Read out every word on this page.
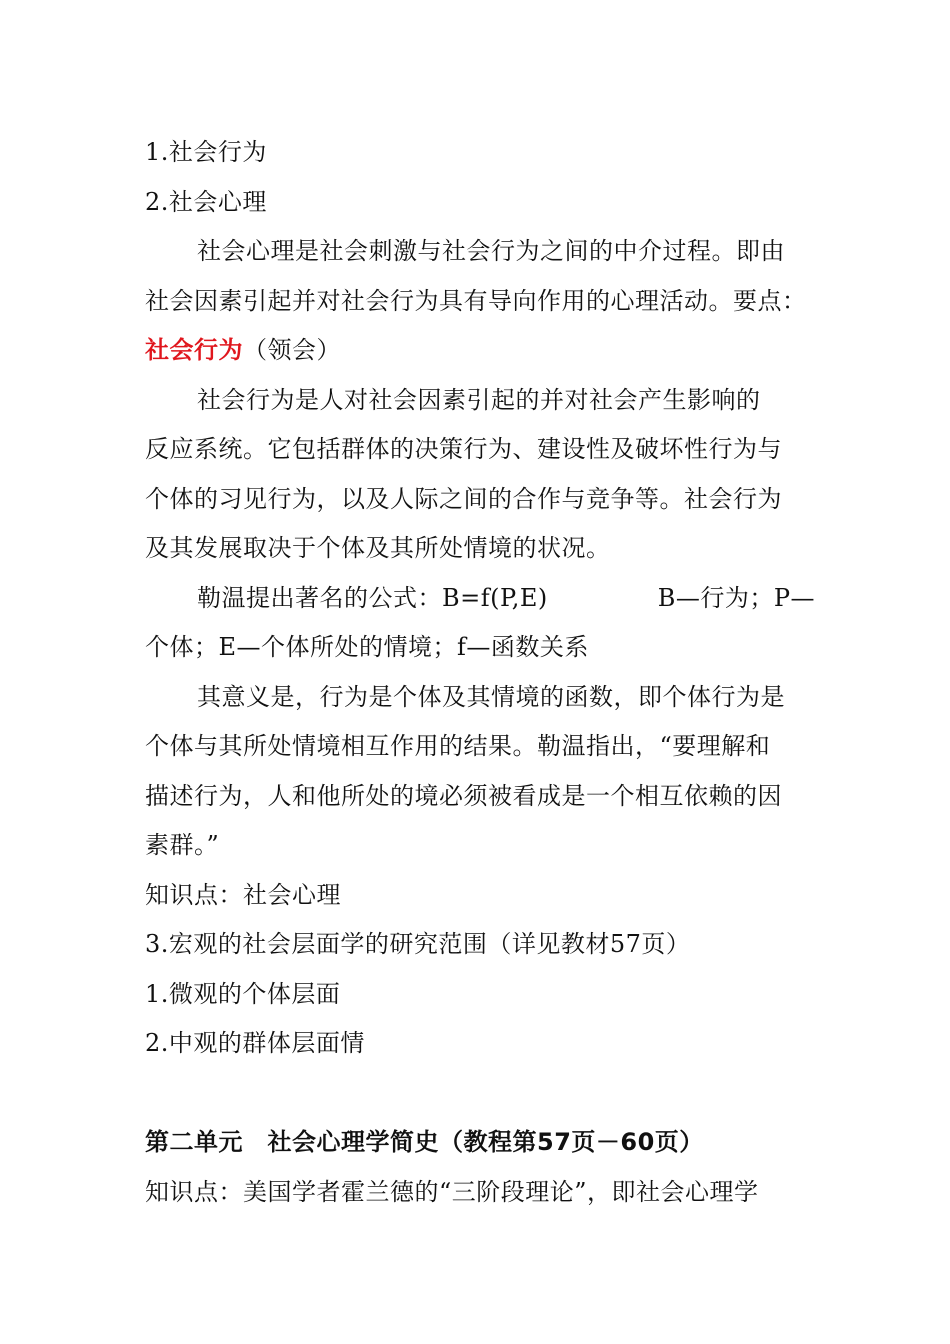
1.社会行为
2.社会心理
社会心理是社会刺激与社会行为之间的中介过程。即由
社会因素引起并对社会行为具有导向作用的心理活动。要点：
社会行为（领会）
社会行为是人对社会因素引起的并对社会产生影响的
反应系统。它包括群体的决策行为、建设性及破坏性行为与
个体的习见行为，以及人际之间的合作与竞争等。社会行为
及其发展取决于个体及其所处情境的状况。
勒温提出著名的公式：B=f(P,E)	B—行为；P—
个体；E—个体所处的情境；f—函数关系
其意义是，行为是个体及其情境的函数，即个体行为是
个体与其所处情境相互作用的结果。勒温指出，“要理解和
描述行为，人和他所处的境必须被看成是一个相互依赖的因
素群。”
知识点：社会心理
3.宏观的社会层面学的研究范围（详见教材57页）
1.微观的个体层面
2.中观的群体层面情
第二单元　社会心理学简史（教程第57页－60页）
知识点：美国学者霍兰德的“三阶段理论”，即社会心理学
